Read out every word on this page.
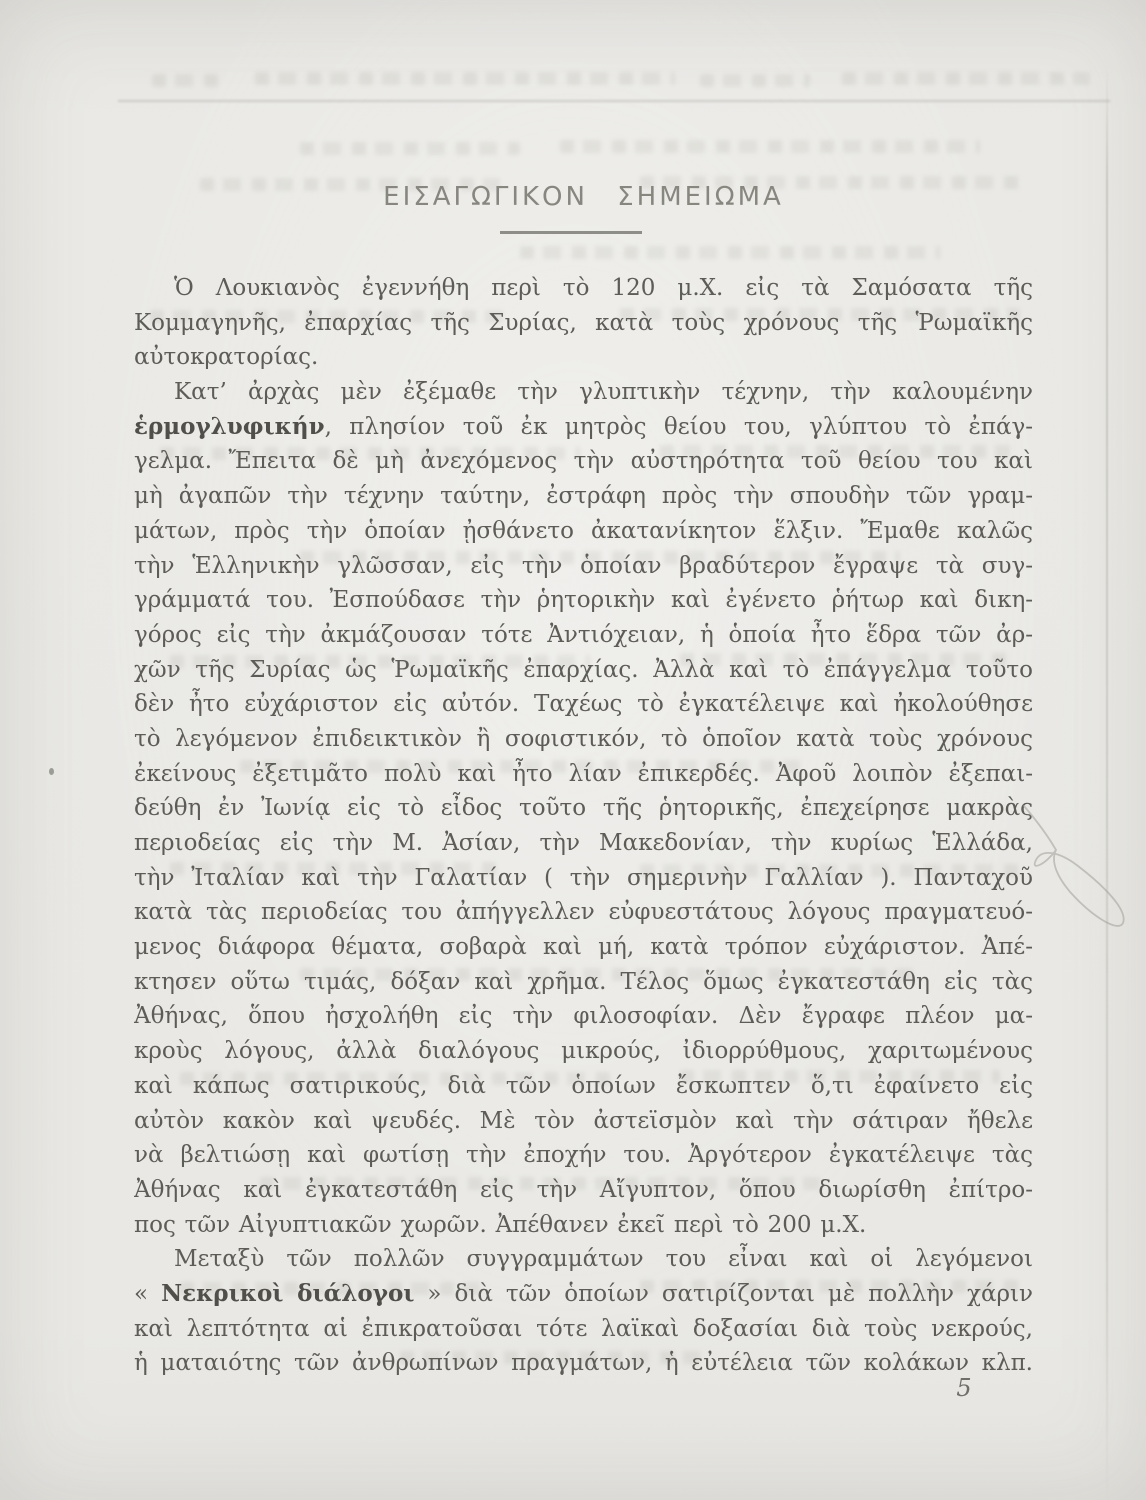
ΕΙΣΑΓΩΓΙΚΟΝ ΣΗΜΕΙΩΜΑ
Ὁ Λουκιανὸς ἐγεννήθη περὶ τὸ 120 μ.Χ. εἰς τὰ Σαμόσατα τῆς
Κομμαγηνῆς, ἐπαρχίας τῆς Συρίας, κατὰ τοὺς χρόνους τῆς Ῥωμαϊκῆς
αὐτοκρατορίας.
Κατ’ ἀρχὰς μὲν ἐξέμαθε τὴν γλυπτικὴν τέχνην, τὴν καλουμένην
ἑρμογλυφικήν, πλησίον τοῦ ἐκ μητρὸς θείου του, γλύπτου τὸ ἐπάγ-
γελμα. Ἔπειτα δὲ μὴ ἀνεχόμενος τὴν αὐστηρότητα τοῦ θείου του καὶ
μὴ ἀγαπῶν τὴν τέχνην ταύτην, ἐστράφη πρὸς τὴν σπουδὴν τῶν γραμ-
μάτων, πρὸς τὴν ὁποίαν ᾐσθάνετο ἀκατανίκητον ἕλξιν. Ἔμαθε καλῶς
τὴν Ἑλληνικὴν γλῶσσαν, εἰς τὴν ὁποίαν βραδύτερον ἔγραψε τὰ συγ-
γράμματά του. Ἐσπούδασε τὴν ῥητορικὴν καὶ ἐγένετο ῥήτωρ καὶ δικη-
γόρος εἰς τὴν ἀκμάζουσαν τότε Ἀντιόχειαν, ἡ ὁποία ἦτο ἕδρα τῶν ἀρ-
χῶν τῆς Συρίας ὡς Ῥωμαϊκῆς ἐπαρχίας. Ἀλλὰ καὶ τὸ ἐπάγγελμα τοῦτο
δὲν ἦτο εὐχάριστον εἰς αὐτόν. Ταχέως τὸ ἐγκατέλειψε καὶ ἠκολούθησε
τὸ λεγόμενον ἐπιδεικτικὸν ἢ σοφιστικόν, τὸ ὁποῖον κατὰ τοὺς χρόνους
ἐκείνους ἐξετιμᾶτο πολὺ καὶ ἦτο λίαν ἐπικερδές. Ἀφοῦ λοιπὸν ἐξεπαι-
δεύθη ἐν Ἰωνίᾳ εἰς τὸ εἶδος τοῦτο τῆς ῥητορικῆς, ἐπεχείρησε μακρὰς
περιοδείας εἰς τὴν Μ. Ἀσίαν, τὴν Μακεδονίαν, τὴν κυρίως Ἑλλάδα,
τὴν Ἰταλίαν καὶ τὴν Γαλατίαν ( τὴν σημερινὴν Γαλλίαν ). Πανταχοῦ
κατὰ τὰς περιοδείας του ἀπήγγελλεν εὐφυεστάτους λόγους πραγματευό-
μενος διάφορα θέματα, σοβαρὰ καὶ μή, κατὰ τρόπον εὐχάριστον. Ἀπέ-
κτησεν οὕτω τιμάς, δόξαν καὶ χρῆμα. Τέλος ὅμως ἐγκατεστάθη εἰς τὰς
Ἀθήνας, ὅπου ἠσχολήθη εἰς τὴν φιλοσοφίαν. Δὲν ἔγραφε πλέον μα-
κροὺς λόγους, ἀλλὰ διαλόγους μικρούς, ἰδιορρύθμους, χαριτωμένους
καὶ κάπως σατιρικούς, διὰ τῶν ὁποίων ἔσκωπτεν ὅ,τι ἐφαίνετο εἰς
αὐτὸν κακὸν καὶ ψευδές. Μὲ τὸν ἀστεϊσμὸν καὶ τὴν σάτιραν ἤθελε
νὰ βελτιώσῃ καὶ φωτίσῃ τὴν ἐποχήν του. Ἀργότερον ἐγκατέλειψε τὰς
Ἀθήνας καὶ ἐγκατεστάθη εἰς τὴν Αἴγυπτον, ὅπου διωρίσθη ἐπίτρο-
πος τῶν Αἰγυπτιακῶν χωρῶν. Ἀπέθανεν ἐκεῖ περὶ τὸ 200 μ.Χ.
Μεταξὺ τῶν πολλῶν συγγραμμάτων του εἶναι καὶ οἱ λεγόμενοι
« Νεκρικοὶ διάλογοι » διὰ τῶν ὁποίων σατιρίζονται μὲ πολλὴν χάριν
καὶ λεπτότητα αἱ ἐπικρατοῦσαι τότε λαϊκαὶ δοξασίαι διὰ τοὺς νεκρούς,
ἡ ματαιότης τῶν ἀνθρωπίνων πραγμάτων, ἡ εὐτέλεια τῶν κολάκων κλπ.
5
